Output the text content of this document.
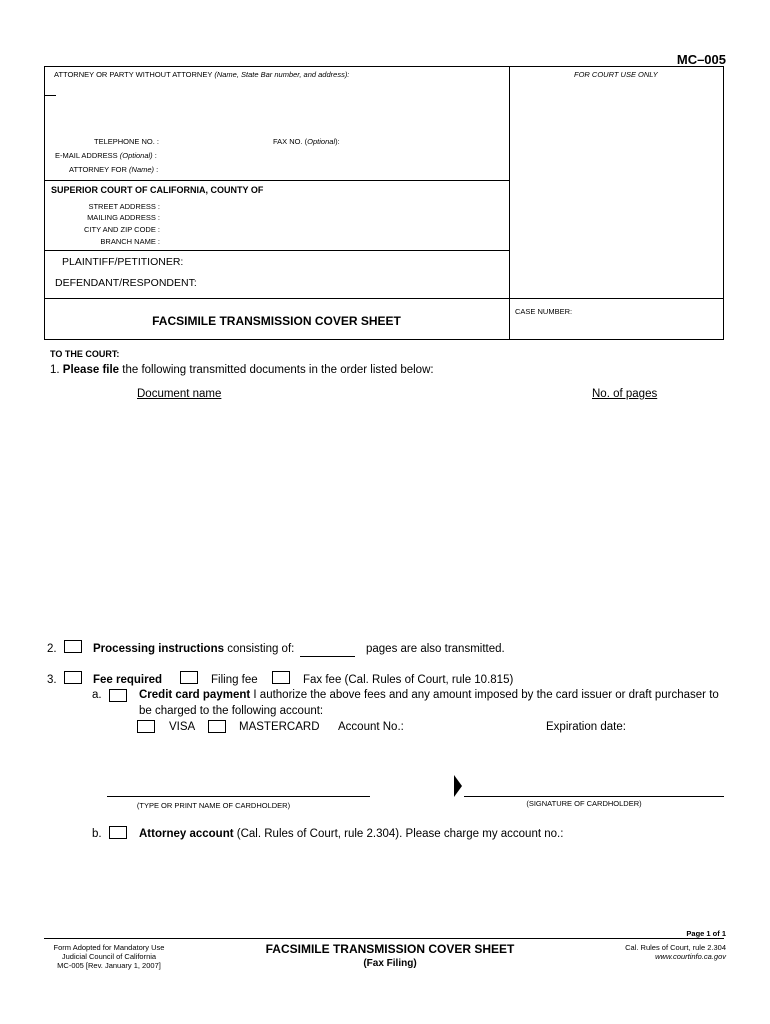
MC–005
ATTORNEY OR PARTY WITHOUT ATTORNEY (Name, State Bar number, and address):	FOR COURT USE ONLY
TELEPHONE NO. :	FAX NO. (Optional):
E-MAIL ADDRESS (Optional) :
ATTORNEY FOR (Name) :
SUPERIOR COURT OF CALIFORNIA, COUNTY OF
STREET ADDRESS :
MAILING ADDRESS :
CITY AND ZIP CODE :
BRANCH NAME :
PLAINTIFF/PETITIONER:
DEFENDANT/RESPONDENT:
CASE NUMBER:
FACSIMILE TRANSMISSION COVER SHEET
TO THE COURT:
1. Please file the following transmitted documents in the order listed below:
Document name	No. of pages
2.	Processing instructions consisting of:	pages are also transmitted.
3.	Fee required	Filing fee	Fax fee (Cal. Rules of Court, rule 10.815)
a.	Credit card payment I authorize the above fees and any amount imposed by the card issuer or draft purchaser to
be charged to the following account:
VISA	MASTERCARD Account No.:	Expiration date:
(TYPE OR PRINT NAME OF CARDHOLDER)	(SIGNATURE OF CARDHOLDER)
b.	Attorney account (Cal. Rules of Court, rule 2.304). Please charge my account no.:
Page 1 of 1
Form Adopted for Mandatory Use
Judicial Council of California
MC-005 [Rev. January 1, 2007]
FACSIMILE TRANSMISSION COVER SHEET
(Fax Filing)
Cal. Rules of Court, rule 2.304
www.courtinfo.ca.gov
